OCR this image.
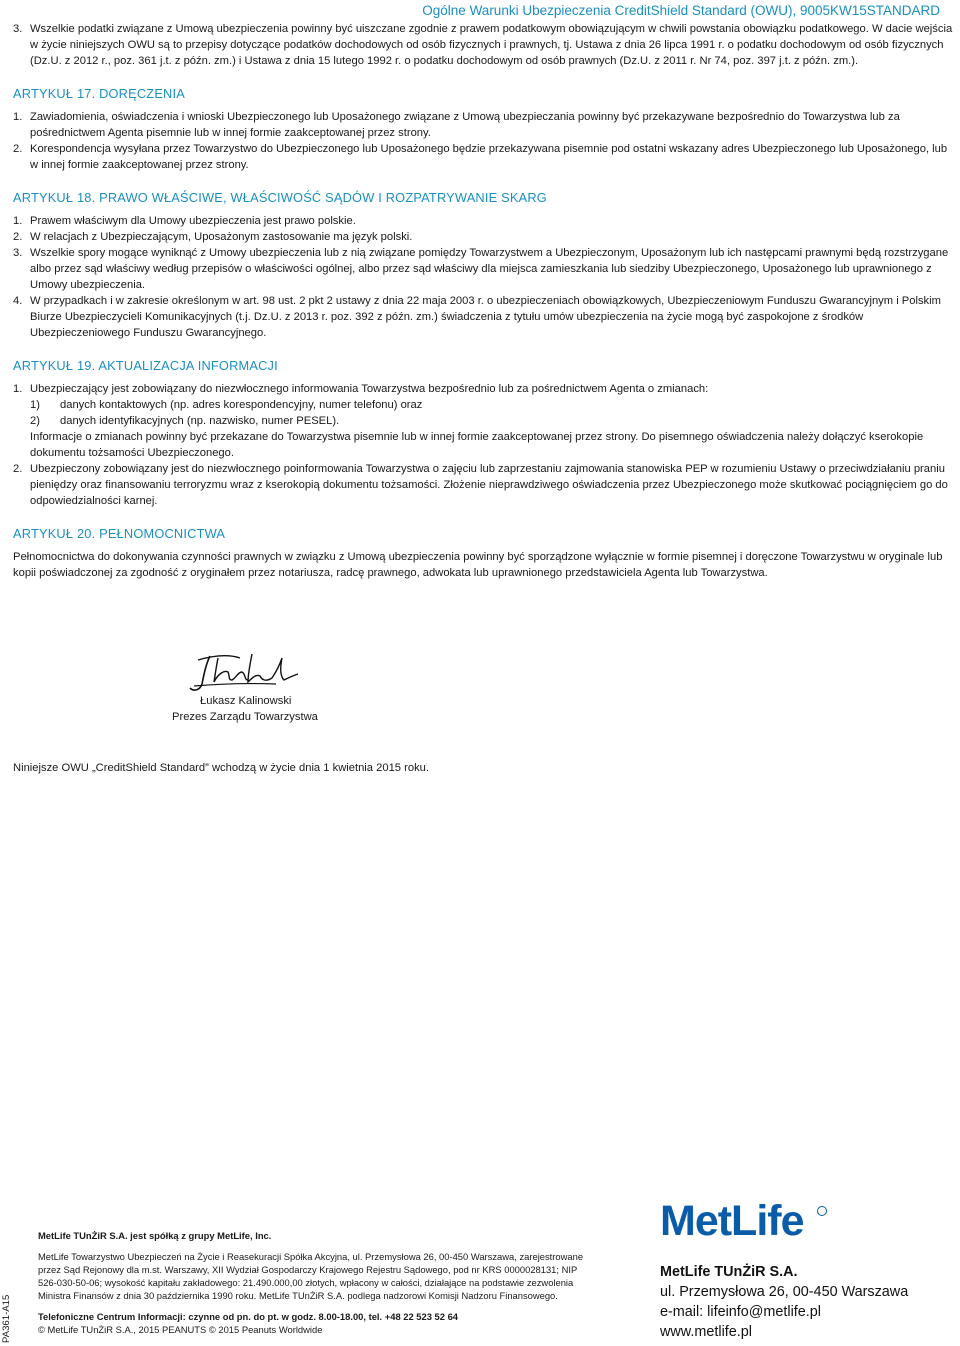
Ogólne Warunki Ubezpieczenia CreditShield Standard (OWU), 9005KW15STANDARD

3. Wszelkie podatki związane z Umową ubezpieczenia powinny być uiszczane zgodnie z prawem podatkowym obowiązującym w chwili powstania obowiązku podatkowego. W dacie wejścia w życie niniejszych OWU są to przepisy dotyczące podatków dochodowych od osób fizycznych i prawnych, tj. Ustawa z dnia 26 lipca 1991 r. o podatku dochodowym od osób fizycznych (Dz.U. z 2012 r., poz. 361 j.t. z późn. zm.) i Ustawa z dnia 15 lutego 1992 r. o podatku dochodowym od osób prawnych (Dz.U. z 2011 r. Nr 74, poz. 397 j.t. z późn. zm.).

ARTYKUŁ 17. DORĘCZENIA

1. Zawiadomienia, oświadczenia i wnioski Ubezpieczonego lub Uposażonego związane z Umową ubezpieczania powinny być przekazywane bezpośrednio do Towarzystwa lub za pośrednictwem Agenta pisemnie lub w innej formie zaakceptowanej przez strony.

2. Korespondencja wysyłana przez Towarzystwo do Ubezpieczonego lub Uposażonego będzie przekazywana pisemnie pod ostatni wskazany adres Ubezpieczonego lub Uposażonego, lub w innej formie zaakceptowanej przez strony.

ARTYKUŁ 18. PRAWO WŁAŚCIWE, WŁAŚCIWOŚĆ SĄDÓW I ROZPATRYWANIE SKARG

1. Prawem właściwym dla Umowy ubezpieczenia jest prawo polskie.

2. W relacjach z Ubezpieczającym, Uposażonym zastosowanie ma język polski.

3. Wszelkie spory mogące wyniknąć z Umowy ubezpieczenia lub z nią związane pomiędzy Towarzystwem a Ubezpieczonym, Uposażonym lub ich następcami prawnymi będą rozstrzygane albo przez sąd właściwy według przepisów o właściwości ogólnej, albo przez sąd właściwy dla miejsca zamieszkania lub siedziby Ubezpieczonego, Uposażonego lub uprawnionego z Umowy ubezpieczenia.

4. W przypadkach i w zakresie określonym w art. 98 ust. 2 pkt 2 ustawy z dnia 22 maja 2003 r. o ubezpieczeniach obowiązkowych, Ubezpieczeniowym Funduszu Gwarancyjnym i Polskim Biurze Ubezpieczycieli Komunikacyjnych (t.j. Dz.U. z 2013 r. poz. 392 z późn. zm.) świadczenia z tytułu umów ubezpieczenia na życie mogą być zaspokojone z środków Ubezpieczeniowego Funduszu Gwarancyjnego.

ARTYKUŁ 19. AKTUALIZACJA INFORMACJI

1. Ubezpieczający jest zobowiązany do niezwłocznego informowania Towarzystwa bezpośrednio lub za pośrednictwem Agenta o zmianach:

1) danych kontaktowych (np. adres korespondencyjny, numer telefonu) oraz

2) danych identyfikacyjnych (np. nazwisko, numer PESEL).

Informacje o zmianach powinny być przekazane do Towarzystwa pisemnie lub w innej formie zaakceptowanej przez strony. Do pisemnego oświadczenia należy dołączyć kserokopie dokumentu tożsamości Ubezpieczonego.

2. Ubezpieczony zobowiązany jest do niezwłocznego poinformowania Towarzystwa o zajęciu lub zaprzestaniu zajmowania stanowiska PEP w rozumieniu Ustawy o przeciwdziałaniu praniu pieniędzy oraz finansowaniu terroryzmu wraz z kserokopią dokumentu tożsamości. Złożenie nieprawdziwego oświadczenia przez Ubezpieczonego może skutkować pociągnięciem go do odpowiedzialności karnej.

ARTYKUŁ 20. PEŁNOMOCNICTWA

Pełnomocnictwa do dokonywania czynności prawnych w związku z Umową ubezpieczenia powinny być sporządzone wyłącznie w formie pisemnej i doręczone Towarzystwu w oryginale lub kopii poświadczonej za zgodność z oryginałem przez notariusza, radcę prawnego, adwokata lub uprawnionego przedstawiciela Agenta lub Towarzystwa.

Łukasz Kalinowski
Prezes Zarządu Towarzystwa
Niniejsze OWU „CreditShield Standard” wchodzą w życie dnia 1 kwietnia 2015 roku.

MetLife TUnŻiR S.A. jest spółką z grupy MetLife, Inc.

MetLife Towarzystwo Ubezpieczeń na Życie i Reasekuracji Spółka Akcyjna, ul. Przemysłowa 26, 00-450 Warszawa, zarejestrowane przez Sąd Rejonowy dla m.st. Warszawy, XII Wydział Gospodarczy Krajowego Rejestru Sądowego, pod nr KRS 0000028131; NIP 526-030-50-06; wysokość kapitału zakładowego: 21.490.000,00 złotych, wpłacony w całości, działające na podstawie zezwolenia Ministra Finansów z dnia 30 października 1990 roku. MetLife TUnŻiR S.A. podlega nadzorowi Komisji Nadzoru Finansowego.

Telefoniczne Centrum Informacji: czynne od pn. do pt. w godz. 8.00-18.00, tel. +48 22 523 52 64

© MetLife TUnŻiR S.A., 2015 PEANUTS © 2015 Peanuts Worldwide

PA361-A15
MetLife

MetLife TUnŻiR S.A.

ul. Przemysłowa 26, 00-450 Warszawa

e-mail: lifeinfo@metlife.pl

www.metlife.pl
